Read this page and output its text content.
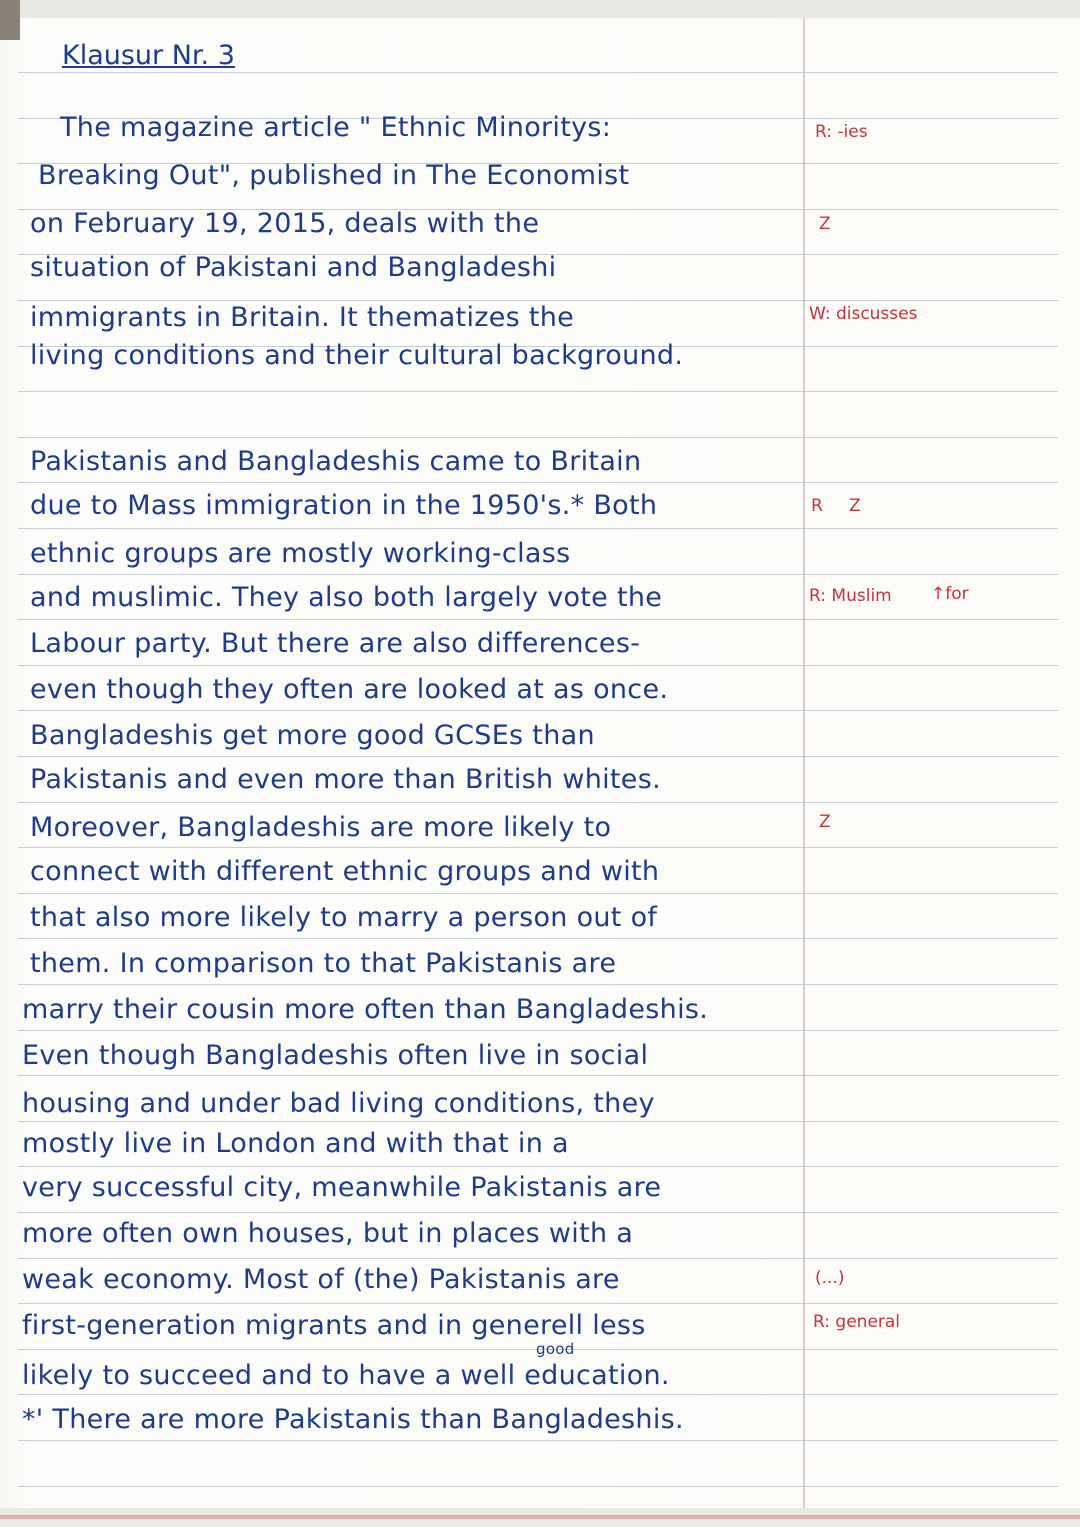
Klausur Nr. 3
The magazine article " Ethnic Minoritys:
Breaking Out", published in The Economist
on February 19, 2015, deals with the
situation of Pakistani and Bangladeshi
immigrants in Britain. It thematizes the
living conditions and their cultural background.
Pakistanis and Bangladeshis came to Britain
due to Mass immigration in the 1950's.* Both
ethnic groups are mostly working-class
and muslimic. They also both largely vote the
Labour party. But there are also differences-
even though they often are looked at as once.
Bangladeshis get more good GCSEs than
Pakistanis and even more than British whites.
Moreover, Bangladeshis are more likely to
connect with different ethnic groups and with
that also more likely to marry a person out of
them. In comparison to that Pakistanis are
marry their cousin more often than Bangladeshis.
Even though Bangladeshis often live in social
housing and under bad living conditions, they
mostly live in London and with that in a
very successful city, meanwhile Pakistanis are
more often own houses, but in places with a
weak economy. Most of (the) Pakistanis are
first-generation migrants and in generell less
likely to succeed and to have a well education.
*' There are more Pakistanis than Bangladeshis.
good
R: -ies
Z
W: discusses
R Z
R: Muslim ↑for
Z
(...)
R: general
